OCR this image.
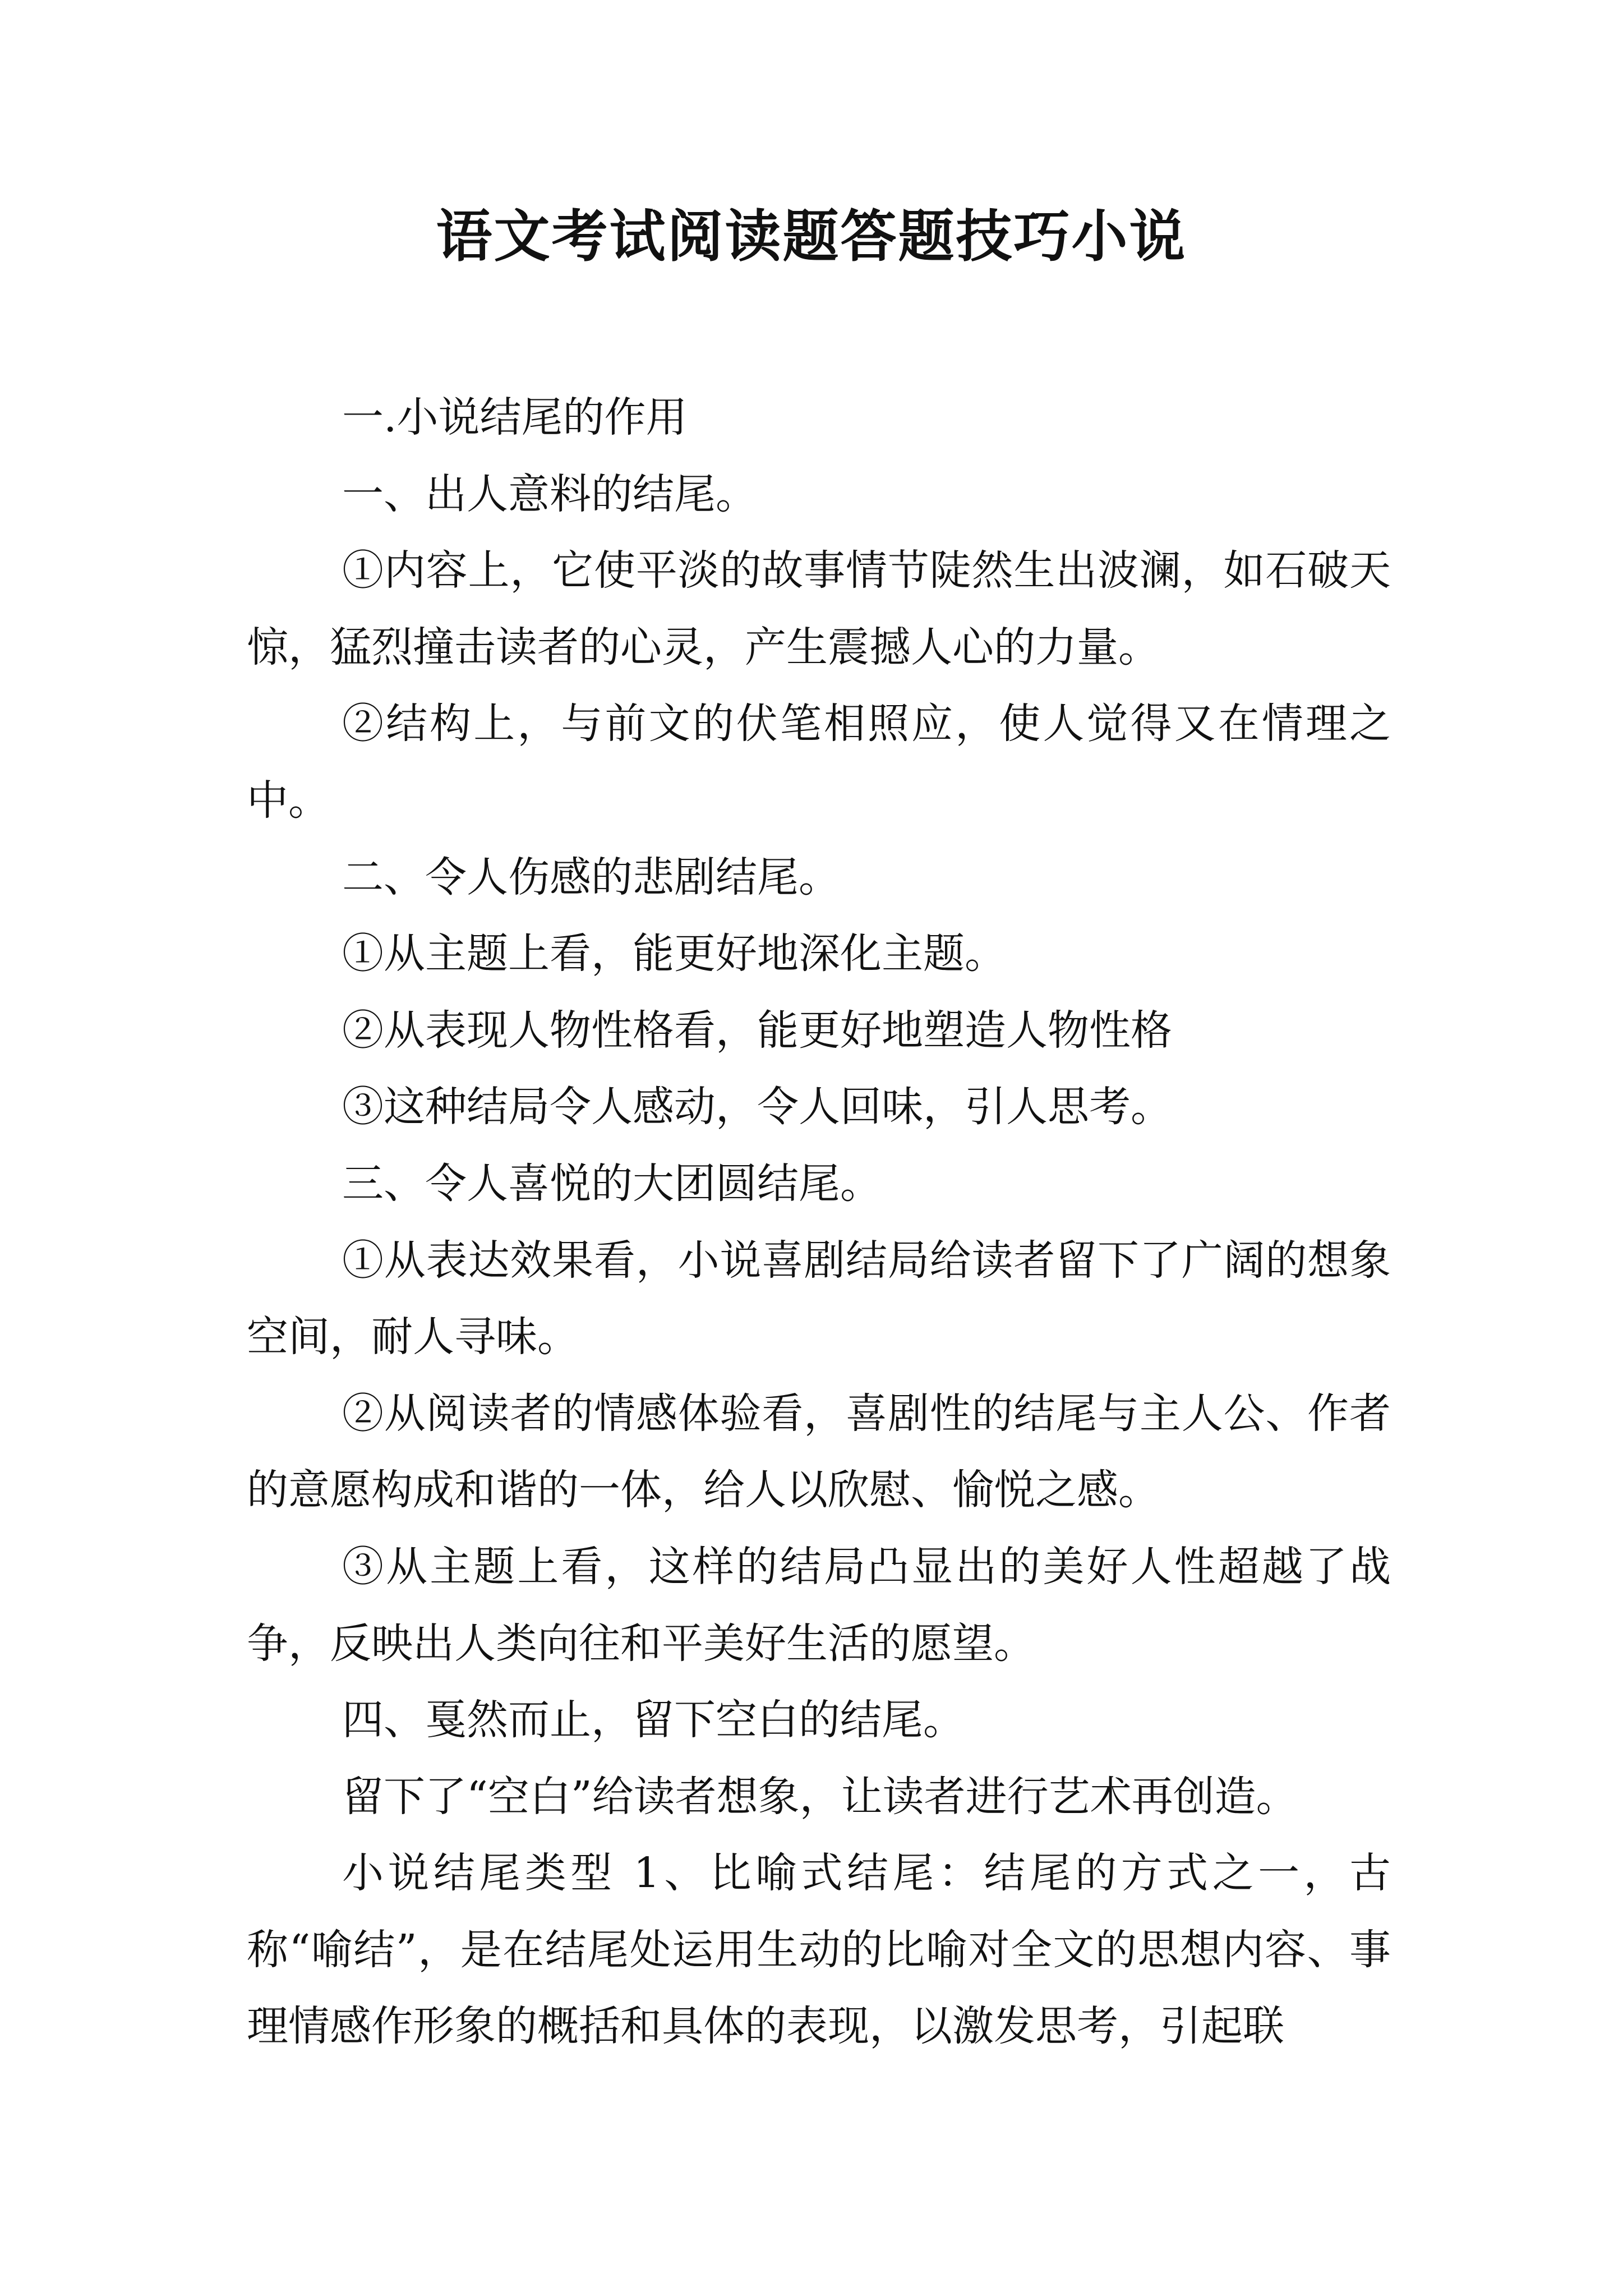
语文考试阅读题答题技巧小说

一.小说结尾的作用

一、出人意料的结尾。

①内容上，它使平淡的故事情节陡然生出波澜，如石破天惊，猛烈撞击读者的心灵，产生震撼人心的力量。

②结构上，与前文的伏笔相照应，使人觉得又在情理之中。

二、令人伤感的悲剧结尾。

①从主题上看，能更好地深化主题。

②从表现人物性格看，能更好地塑造人物性格

③这种结局令人感动，令人回味，引人思考。

三、令人喜悦的大团圆结尾。

①从表达效果看，小说喜剧结局给读者留下了广阔的想象空间，耐人寻味。

②从阅读者的情感体验看，喜剧性的结尾与主人公、作者的意愿构成和谐的一体，给人以欣慰、愉悦之感。

③从主题上看，这样的结局凸显出的美好人性超越了战争，反映出人类向往和平美好生活的愿望。

四、戛然而止，留下空白的结尾。

留下了“空白”给读者想象，让读者进行艺术再创造。

小说结尾类型 1、比喻式结尾：结尾的方式之一，古称“喻结”，是在结尾处运用生动的比喻对全文的思想内容、事理情感作形象的概括和具体的表现，以激发思考，引起联
